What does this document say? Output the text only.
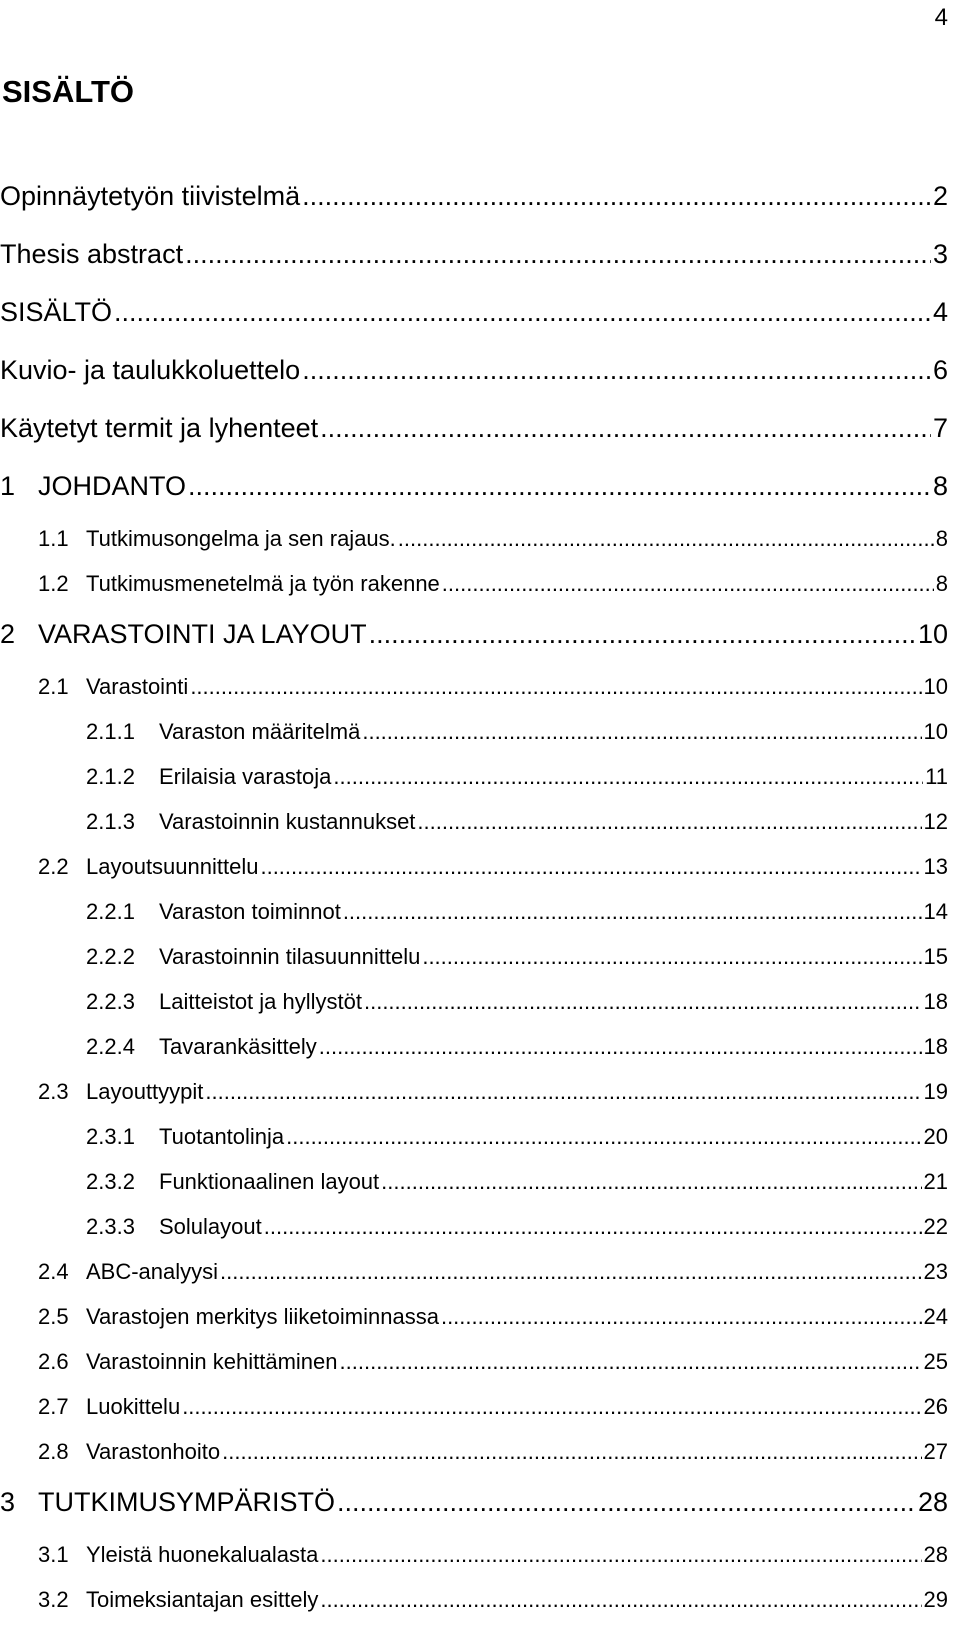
4
SISÄLTÖ
Opinnäytetyön tiivistelmä .....	2
Thesis abstract .....	3
SISÄLTÖ .....	4
Kuvio- ja taulukkoluettelo .....	6
Käytetyt termit ja lyhenteet .....	7
1 JOHDANTO .....	8
1.1 Tutkimusongelma ja sen rajaus. .....	8
1.2 Tutkimusmenetelmä ja työn rakenne .....	8
2 VARASTOINTI JA LAYOUT .....	10
2.1 Varastointi .....	10
2.1.1	Varaston määritelmä .....	10
2.1.2	Erilaisia varastoja .....	11
2.1.3	Varastoinnin kustannukset .....	12
2.2 Layoutsuunnittelu .....	13
2.2.1	Varaston toiminnot .....	14
2.2.2	Varastoinnin tilasuunnittelu .....	15
2.2.3	Laitteistot ja hyllystöt .....	18
2.2.4	Tavarankäsittely .....	18
2.3 Layouttyypit .....	19
2.3.1	Tuotantolinja .....	20
2.3.2	Funktionaalinen layout .....	21
2.3.3	Solulayout .....	22
2.4 ABC-analyysi .....	23
2.5 Varastojen merkitys liiketoiminnassa .....	24
2.6 Varastoinnin kehittäminen .....	25
2.7 Luokittelu .....	26
2.8 Varastonhoito .....	27
3 TUTKIMUSYMPÄRISTÖ .....	28
3.1 Yleistä huonekalualasta .....	28
3.2 Toimeksiantajan esittely .....	29
